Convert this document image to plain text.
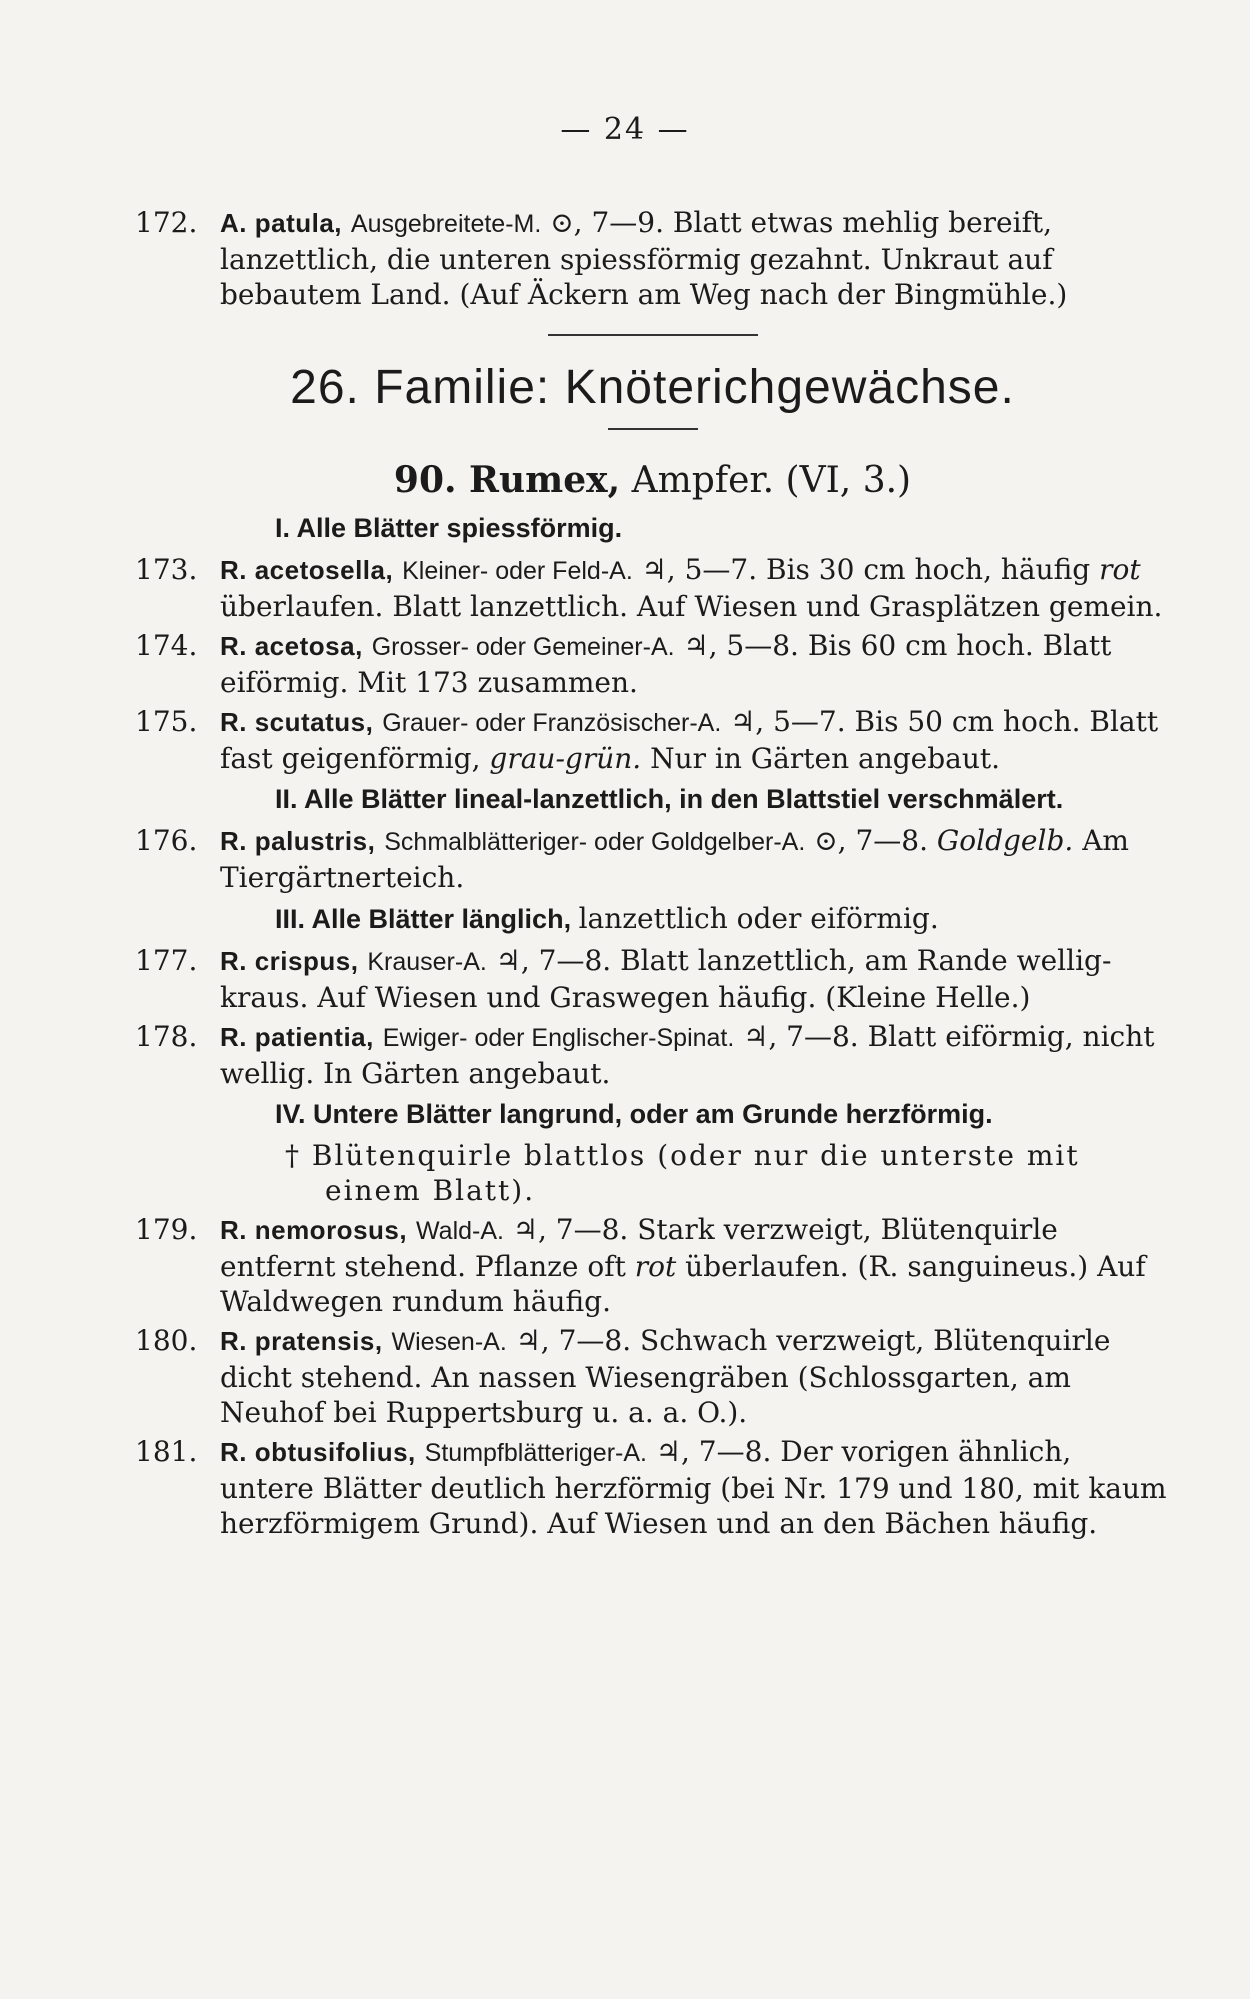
— 24 —
172. A. patula, Ausgebreitete-M. ⊙, 7—9. Blatt etwas mehlig bereift, lanzettlich, die unteren spiessförmig gezahnt. Unkraut auf bebautem Land. (Auf Äckern am Weg nach der Bingmühle.)
26. Familie: Knöterichgewächse.
90. Rumex, Ampfer. (VI, 3.)
I. Alle Blätter spiessförmig.
173. R. acetosella, Kleiner- oder Feld-A. ♃, 5—7. Bis 30 cm hoch, häufig rot überlaufen. Blatt lanzettlich. Auf Wiesen und Grasplätzen gemein.
174. R. acetosa, Grosser- oder Gemeiner-A. ♃, 5—8. Bis 60 cm hoch. Blatt eiförmig. Mit 173 zusammen.
175. R. scutatus, Grauer- oder Französischer-A. ♃, 5—7. Bis 50 cm hoch. Blatt fast geigenförmig, grau-grün. Nur in Gärten angebaut.
II. Alle Blätter lineal-lanzettlich, in den Blattstiel verschmälert.
176. R. palustris, Schmalblätteriger- oder Goldgelber-A. ⊙, 7—8. Goldgelb. Am Tiergärtnerteich.
III. Alle Blätter länglich, lanzettlich oder eiförmig.
177. R. crispus, Krauser-A. ♃, 7—8. Blatt lanzettlich, am Rande wellig-kraus. Auf Wiesen und Graswegen häufig. (Kleine Helle.)
178. R. patientia, Ewiger- oder Englischer-Spinat. ♃, 7—8. Blatt eiförmig, nicht wellig. In Gärten angebaut.
IV. Untere Blätter langrund, oder am Grunde herzförmig.
† Blütenquirle blattlos (oder nur die unterste mit einem Blatt).
179. R. nemorosus, Wald-A. ♃, 7—8. Stark verzweigt, Blütenquirle entfernt stehend. Pflanze oft rot überlaufen. (R. sanguineus.) Auf Waldwegen rundum häufig.
180. R. pratensis, Wiesen-A. ♃, 7—8. Schwach verzweigt, Blütenquirle dicht stehend. An nassen Wiesengräben (Schlossgarten, am Neuhof bei Ruppertsburg u. a. a. O.).
181. R. obtusifolius, Stumpfblätteriger-A. ♃, 7—8. Der vorigen ähnlich, untere Blätter deutlich herzförmig (bei Nr. 179 und 180, mit kaum herzförmigem Grund). Auf Wiesen und an den Bächen häufig.
